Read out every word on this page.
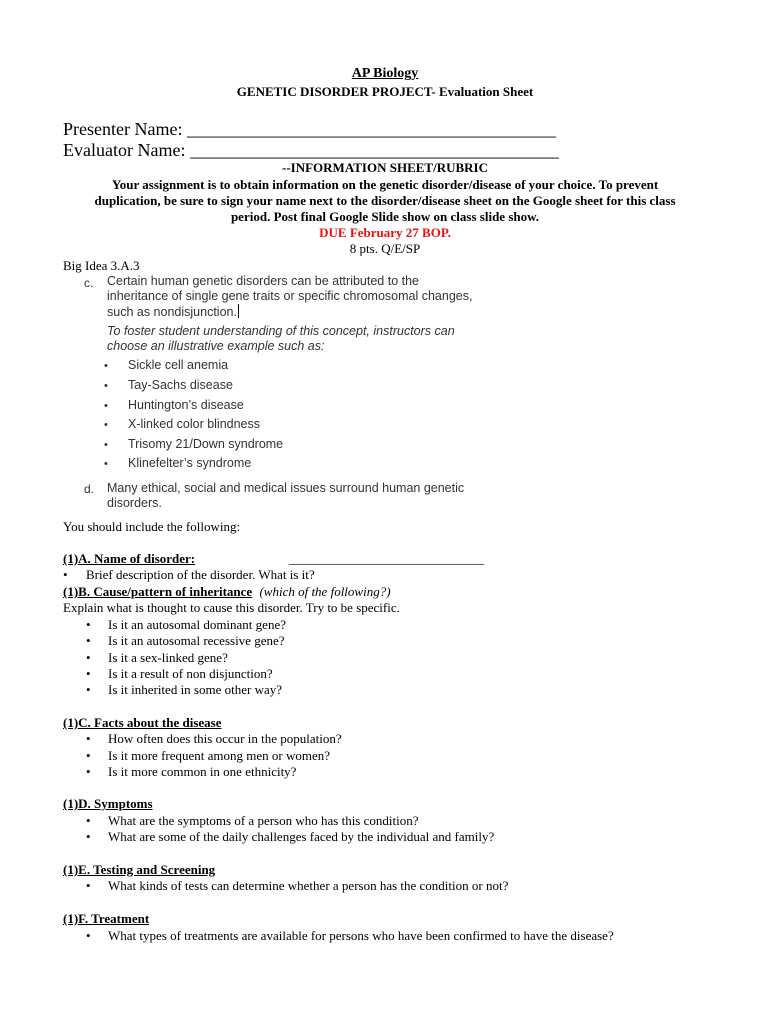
AP Biology
GENETIC DISORDER PROJECT- Evaluation Sheet
Presenter Name: _________________________________________
Evaluator Name: _________________________________________
--INFORMATION SHEET/RUBRIC
Your assignment is to obtain information on the genetic disorder/disease of your choice. To prevent
duplication, be sure to sign your name next to the disorder/disease sheet on the Google sheet for this class
period. Post final Google Slide show on class slide show.
DUE February 27 BOP.
8 pts. Q/E/SP
Big Idea 3.A.3
c. Certain human genetic disorders can be attributed to the
inheritance of single gene traits or specific chromosomal changes,
such as nondisjunction.
To foster student understanding of this concept, instructors can
choose an illustrative example such as:
• Sickle cell anemia
• Tay-Sachs disease
• Huntington’s disease
• X-linked color blindness
• Trisomy 21/Down syndrome
• Klinefelter’s syndrome
d. Many ethical, social and medical issues surround human genetic
disorders.
You should include the following:
(1)A. Name of disorder:	______________________________
• Brief description of the disorder. What is it?
(1)B. Cause/pattern of inheritance (which of the following?)
Explain what is thought to cause this disorder. Try to be specific.
• Is it an autosomal dominant gene?
• Is it an autosomal recessive gene?
• Is it a sex-linked gene?
• Is it a result of non disjunction?
• Is it inherited in some other way?
(1)C. Facts about the disease
• How often does this occur in the population?
• Is it more frequent among men or women?
• Is it more common in one ethnicity?
(1)D. Symptoms
• What are the symptoms of a person who has this condition?
• What are some of the daily challenges faced by the individual and family?
(1)E. Testing and Screening
• What kinds of tests can determine whether a person has the condition or not?
(1)F. Treatment
• What types of treatments are available for persons who have been confirmed to have the disease?
